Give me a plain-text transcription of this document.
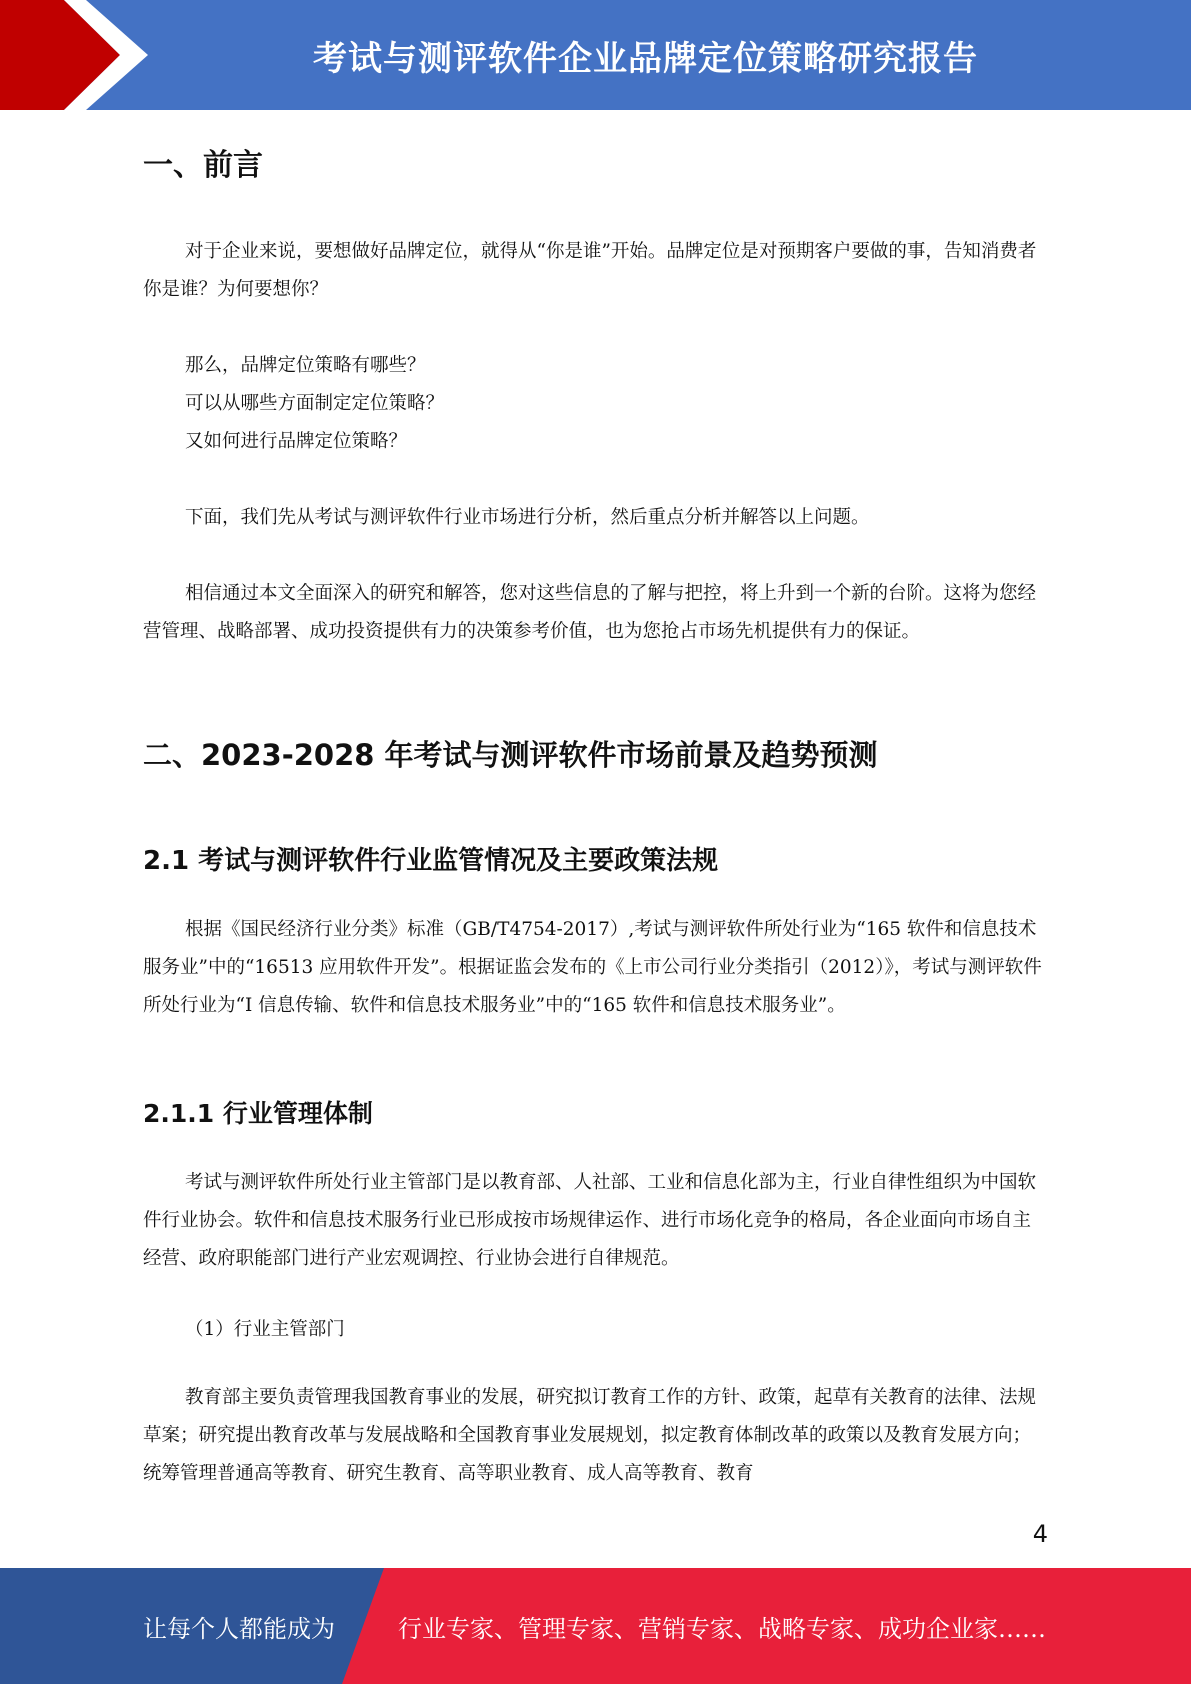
考试与测评软件企业品牌定位策略研究报告
一、前言

对于企业来说，要想做好品牌定位，就得从“你是谁”开始。品牌定位是对预期客户要做的事，告知消费者你是谁？为何要想你？

那么，品牌定位策略有哪些？
可以从哪些方面制定定位策略？
又如何进行品牌定位策略？

下面，我们先从考试与测评软件行业市场进行分析，然后重点分析并解答以上问题。

相信通过本文全面深入的研究和解答，您对这些信息的了解与把控，将上升到一个新的台阶。这将为您经营管理、战略部署、成功投资提供有力的决策参考价值，也为您抢占市场先机提供有力的保证。

二、2023-2028 年考试与测评软件市场前景及趋势预测
2.1 考试与测评软件行业监管情况及主要政策法规

根据《国民经济行业分类》标准（GB/T4754-2017）,考试与测评软件所处行业为“165 软件和信息技术服务业”中的“16513 应用软件开发”。根据证监会发布的《上市公司行业分类指引（2012）》，考试与测评软件所处行业为“I 信息传输、软件和信息技术服务业”中的“165 软件和信息技术服务业”。

2.1.1 行业管理体制

考试与测评软件所处行业主管部门是以教育部、人社部、工业和信息化部为主，行业自律性组织为中国软件行业协会。软件和信息技术服务行业已形成按市场规律运作、进行市场化竞争的格局，各企业面向市场自主经营、政府职能部门进行产业宏观调控、行业协会进行自律规范。

（1）行业主管部门

教育部主要负责管理我国教育事业的发展，研究拟订教育工作的方针、政策，起草有关教育的法律、法规草案；研究提出教育改革与发展战略和全国教育事业发展规划，拟定教育体制改革的政策以及教育发展方向；统筹管理普通高等教育、研究生教育、高等职业教育、成人高等教育、教育

4
让每个人都能成为	行业专家、管理专家、营销专家、战略专家、成功企业家……
